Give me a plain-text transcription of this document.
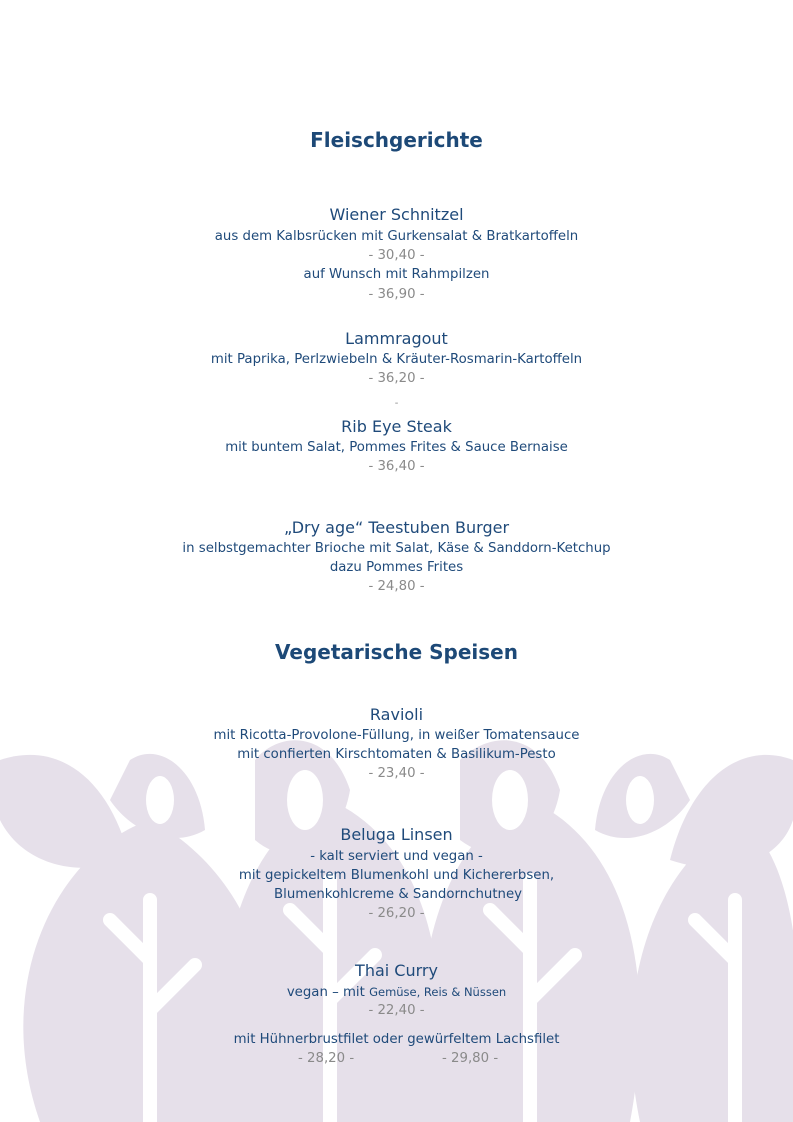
Fleischgerichte
Wiener Schnitzel
aus dem Kalbsrücken mit Gurkensalat & Bratkartoffeln
- 30,40 -
auf Wunsch mit Rahmpilzen
- 36,90 -
Lammragout
mit Paprika, Perlzwiebeln & Kräuter-Rosmarin-Kartoffeln
- 36,20 -
-
Rib Eye Steak
mit buntem Salat, Pommes Frites & Sauce Bernaise
- 36,40 -
„Dry age“ Teestuben Burger
in selbstgemachter Brioche mit Salat, Käse & Sanddorn-Ketchup
dazu Pommes Frites
- 24,80 -
Vegetarische Speisen
Ravioli
mit Ricotta-Provolone-Füllung, in weißer Tomatensauce
mit confierten Kirschtomaten & Basilikum-Pesto
- 23,40 -
Beluga Linsen
- kalt serviert und vegan -
mit gepickeltem Blumenkohl und Kichererbsen,
Blumenkohlcreme & Sandornchutney
- 26,20 -
Thai Curry
vegan – mit Gemüse, Reis & Nüssen
- 22,40 -
mit Hühnerbrustfilet oder gewürfeltem Lachsfilet
- 28,20 -	- 29,80 -
